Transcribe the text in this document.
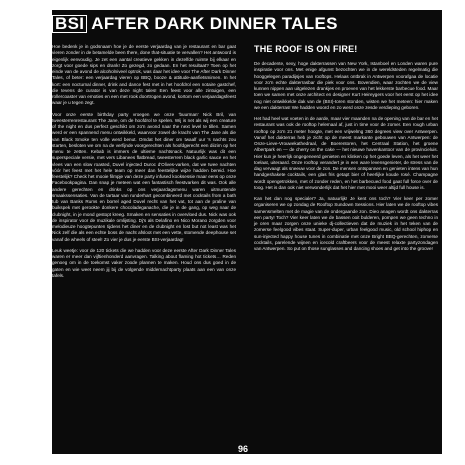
BSI AFTER DARK DINNER TALES

Hoe bedenk je in godsnaam hoe je de eerste verjaardag van je restaurant en bar gaat vieren zonder in de betamelde been there, done that-situatie te vervallen? Het antwoord is eigenlijk eenvoudig. Je zet een aantal creatieve gekken in dezelfde ruimte bij elkaar en zorgt voor goede sips en drank! Zo gezegd, zo gedaan. En het resultaat? Toen op het einde van de avond de alcoholniveel optrok, was daar het idee voor The After Dark Dinner Tales, of beter: een verjaardag vieren op BBQ, booze & attitude-aanfietsmimen. In het kort: een nocturnal dinner, drink and dance fest met in het hoofdrol een notaire gastchef, die tevens de curator is van deze night tales! Een feest voor alle zintuigen, een rollercoaster van emoties en een met rook doortrogen avond, kortom een verjaardagsfeest waar je u tegen zegt.

Voor onze eerste birthday party vroegen we onze 'buurman' Nick Bril, van tweesterrenrestaurant The Jane, om de hoofdrol te spelen. Wij is net als wij een creature of the night en dus perfect geschikt om zo'n avond naar the next level te tillen. Samen werd er een spannend menu ontwikkeld, waarvoor zowel de kracht van The Jane als die van Black Smoke ten volle werd benut. Omdat het diner om twaalf uur 's nachts zou starten, besloten we om na de verfijnde voorgerechten als hoofdgerecht een diizim op het menu te zetten. Kebab is immers de ultieme nachtsnack. Natuurlijk was dit een superspeciale versie, met vers Libanees flatbread, tweesterrem black garlic sauce en het vlees van een slow roasted, Duvel injected Duroc d'Olives-varken, dat we twee nachten vóór het feest met het hele team op meer dan feestelijke wijze hadden bereid. Hoe feestelijk? Check het mooie filmpje van deze party infused kooksessie maar eens op onze Facebookpagina. Dan snap je meteen wat een fantastisch feestvarken dit was. Ook alle andere gerechten en drinks op ons verjaardagsmenu waren uitmuntende smaakssensaties. Van de tartaar van runderhart gecombineerd met cocktails from a bath tub van Banks Rums en borrel aged Duvel recht van het vat, tot aan de praline van buikspek met gerookte donkere chocoladeganache, die je in de gang, op weg naar de clubnight, in je mond gestopt kreeg. Smaken en sensaties in overvloed dus. Nick was ook de inspirator voor de muzikale omlijsting. Dj's als Delafino en Nico Morano zorgden voor melodieuze hoogtepunten tijdens het diner en de clubnight en lost but not least was het Nick zelf die als een echte boss de nacht afsloot met een vette, stomende deephouse set vanaf de wheels of steel! Zo vier je dus je eerste BSI-verjaardag!

Leuk weetje: voor de 120 tickets die we hadden voor deze eerste After Dark Dinner Tales waren er meer dan vijftienhonderd aanvragen. Talking about flaming hot tickets… Reden genoeg om in de toekomst vaker zoode plannen te maken. Houd ons dus goed in de gaten en wie weet neem jij bij de volgende middernachtparty plaats aan een van onze tafels.

THE ROOF IS ON FIRE!

De decadente, sexy, hoge dakterrassen van New York, Istanboel en Londen waren pure inspiratie voor ons. Met enige afgunst bezochten we in de wereldsteden regelmatig die hooggelegen paradijsjes van rooftops. Helaas ontbrak in Antwerpen voorafgaa de locatie voor zo'n echte dakterrasbar die piek voor ons. Bovendien, waar zochten we de view kunnen nippen aan uitgelezen drankjes en proeven van het lekkerste barbecue food. Maar toen we samen met onze architect en designer Kurt Heireygers voor het eerst op het idee nog niet ontwikkelde dak van de (BSI)-toren stonden, wisten we het meteen: hier maken we een dakterras! We hadden woord en zo werd onze zesde verdieping geboren.

Het had heel wat voeten in de aarde, maar vier maanden na de opening van de bar en het restaurant was ook de rooftop helemaal af, just in time voor de zomer. Een rough urban rooftop op zo'n 21 meter hoogte, met een vrijwelmg 360 degrees view over Antwerpen. Vanaf het dakterras heb je zicht op de meest markante gebouwen van Antwerpen: de Onze-Lieve-Vrouwekathedraal, de Boerentoren, het Centraal Station, het groene Albertpark en — de cherry on the cake — het nieuwe havenkantoor van de provincieluis. Hier kun je heerlijk ongegeneerd genieten en klinken op het goede leven, als het weer het toelaat, uiteraard. Onze rooftop verandert je in een ware levensgenieter, de stress van de dag vervaagt als sneeuw voor de zon. De mensen ontspannen en genieten intens van hun handgeshakete cocktails, een glas fris getapt bier of heerlijke koude rosé. Champagne wordt opengetrokken, met of zonder reden, en het barbecued food gaat full force over de toog. Het is dan ook niet verwonderlijk dat het hier met mooi weer altijd full house is.

Kan het dan nog specialer? Ja, natuurlijk! Je kent ons toch? Vier keer per zomer organiseren we op zondag de Rooftop Sundown Sessions. Hier laten we de rooftop vibes samensmelten met de magie van de ondergaande zon. Dieo anagen wordt ons dakterras een party! Toch? Vier keer laten we de bassen ooit bulderen, pompen we geen techno in je oren maar zorgen onze unieke dj-collectieven dat de muziek in het teken van de zomerse feelgood vibes staat. Super-duper, urban feelgood music, old school hiphop en sun-injected happy house tunes in combinatie met onze Bright BBQ-gerechten, zomerse cocktails, parelende wijnen en icecold craftbeers voor de meest relaxte partyzondagen van Antwerpen. So put on those sunglasses and dancing shoes and get into the groove!

96
